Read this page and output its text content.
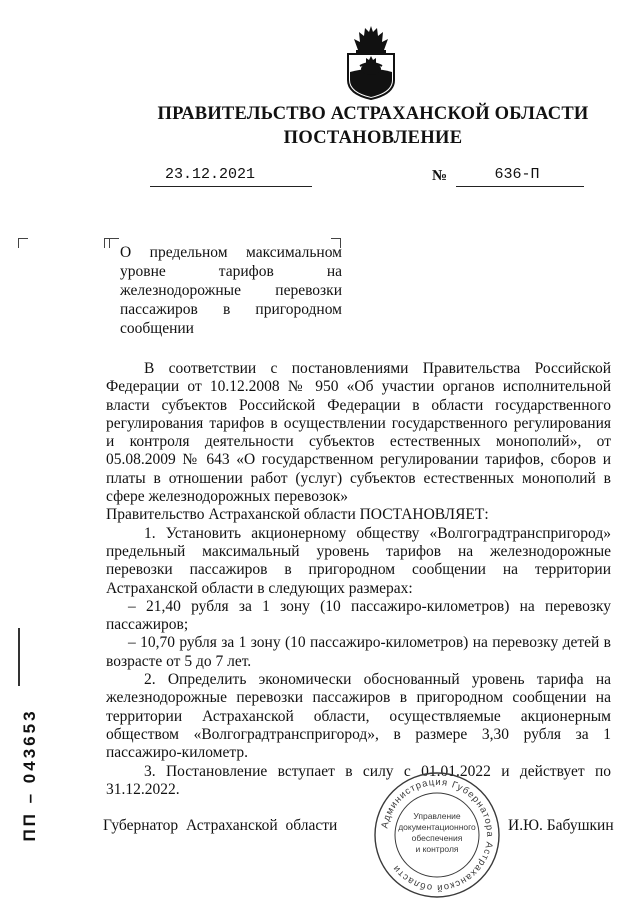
ПРАВИТЕЛЬСТВО АСТРАХАНСКОЙ ОБЛАСТИ
ПОСТАНОВЛЕНИЕ
23.12.2021	№	636-П
О предельном максимальном уровне тарифов на железнодорожные перевозки пассажиров в пригородном сообщении

В соответствии с постановлениями Правительства Российской Федерации от 10.12.2008 № 950 «Об участии органов исполнительной власти субъектов Российской Федерации в области государственного регулирования тарифов в осуществлении государственного регулирования и контроля деятельности субъектов естественных монополий», от 05.08.2009 № 643 «О государственном регулировании тарифов, сборов и платы в отношении работ (услуг) субъектов естественных монополий в сфере железнодорожных перевозок»

Правительство Астраханской области ПОСТАНОВЛЯЕТ:

1. Установить акционерному обществу «Волгоградтранспригород» предельный максимальный уровень тарифов на железнодорожные перевозки пассажиров в пригородном сообщении на территории Астраханской области в следующих размерах:

– 21,40 рубля за 1 зону (10 пассажиро-километров) на перевозку пассажиров;

– 10,70 рубля за 1 зону (10 пассажиро-километров) на перевозку детей в возрасте от 5 до 7 лет.

2. Определить экономически обоснованный уровень тарифа на железнодорожные перевозки пассажиров в пригородном сообщении на территории Астраханской области, осуществляемые акционерным обществом «Волгоградтранспригород», в размере 3,30 рубля за 1 пассажиро-километр.

3. Постановление вступает в силу с 01.01.2022 и действует по 31.12.2022.

ПП – 043653	Губернатор Астраханской области	И.Ю. Бабушкин
Администрация Губернатора Астраханской области
Управление
документационного
обеспечения
и контроля
